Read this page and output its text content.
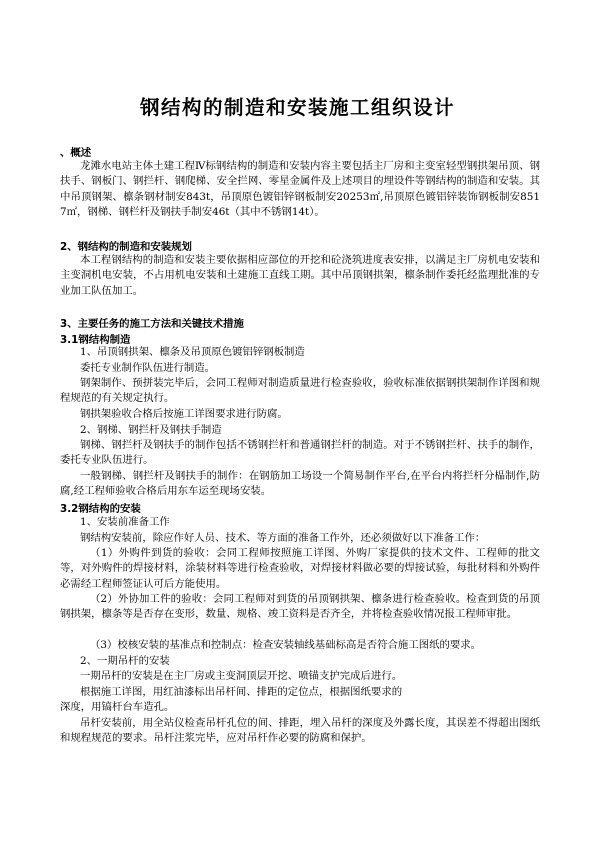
钢结构的制造和安装施工组织设计
、概述
龙滩水电站主体土建工程Ⅳ标钢结构的制造和安装内容主要包括主厂房和主变室轻型钢拱架吊顶、钢扶手、钢板门、钢拦杆、钢爬梯、安全拦网、零星金属件及上述项目的埋设件等钢结构的制造和安装。其中吊顶钢架、檩条钢材制安843t，吊顶原色镀铝锌钢板制安20253㎡,吊顶原色镀铝锌装饰钢板制安8517㎡，钢梯、钢栏杆及钢扶手制安46t（其中不锈钢14t）。
2、钢结构的制造和安装规划
本工程钢结构的制造和安装主要依据相应部位的开挖和砼浇筑进度表安排，以满足主厂房机电安装和主变洞机电安装，不占用机电安装和土建施工直线工期。其中吊顶钢拱架，檩条制作委托经监理批准的专业加工队伍加工。
3、主要任务的施工方法和关键技术措施
3.1钢结构制造
1、吊顶钢拱架、檩条及吊顶原色镀铝锌钢板制造
委托专业制作队伍进行制造。
钢架制作、预拼装完毕后，会同工程师对制造质量进行检查验收，验收标准依据钢拱架制作详图和规程规范的有关规定执行。
钢拱架验收合格后按施工详图要求进行防腐。
2、钢梯、钢拦杆及钢扶手制造
钢梯、钢拦杆及钢扶手的制作包括不锈钢拦杆和普通钢拦杆的制造。对于不锈钢拦杆、扶手的制作，委托专业队伍进行。
一般钢梯、钢拦杆及钢扶手的制作：在钢筋加工场设一个简易制作平台,在平台内将拦杆分榀制作,防腐,经工程师验收合格后用东车运至现场安装。
3.2钢结构的安装
1、安装前准备工作
钢结构安装前，除应作好人员、技术、等方面的准备工作外，还必须做好以下准备工作：
（1）外购件到货的验收：会同工程师按照施工详图、外购厂家提供的技术文件、工程师的批文等，对外购件的焊接材料，涂装材料等进行检查验收，对焊接材料做必要的焊接试验，每批材料和外购件必需经工程师签证认可后方能使用。
（2）外协加工件的验收：会同工程师对到货的吊顶钢拱架、檩条进行检查验收。检查到货的吊顶钢拱架，檩条等是否存在变形，数量、规格、竣工资料是否齐全，并将检查验收情况报工程师审批。
（3）校核安装的基准点和控制点：检查安装轴线基础标高是否符合施工图纸的要求。
2、一期吊杆的安装
一期吊杆的安装是在主厂房或主变洞顶层开挖、喷锚支护完成后进行。
根据施工详图，用红油漆标出吊杆间、排距的定位点，根据图纸要求的
深度，用镐杆台车造孔。
吊杆安装前，用全站仪检查吊杆孔位的间、排距，埋入吊杆的深度及外露长度，其误差不得超出图纸和规程规范的要求。吊杆注浆完毕，应对吊杆作必要的防腐和保护。
